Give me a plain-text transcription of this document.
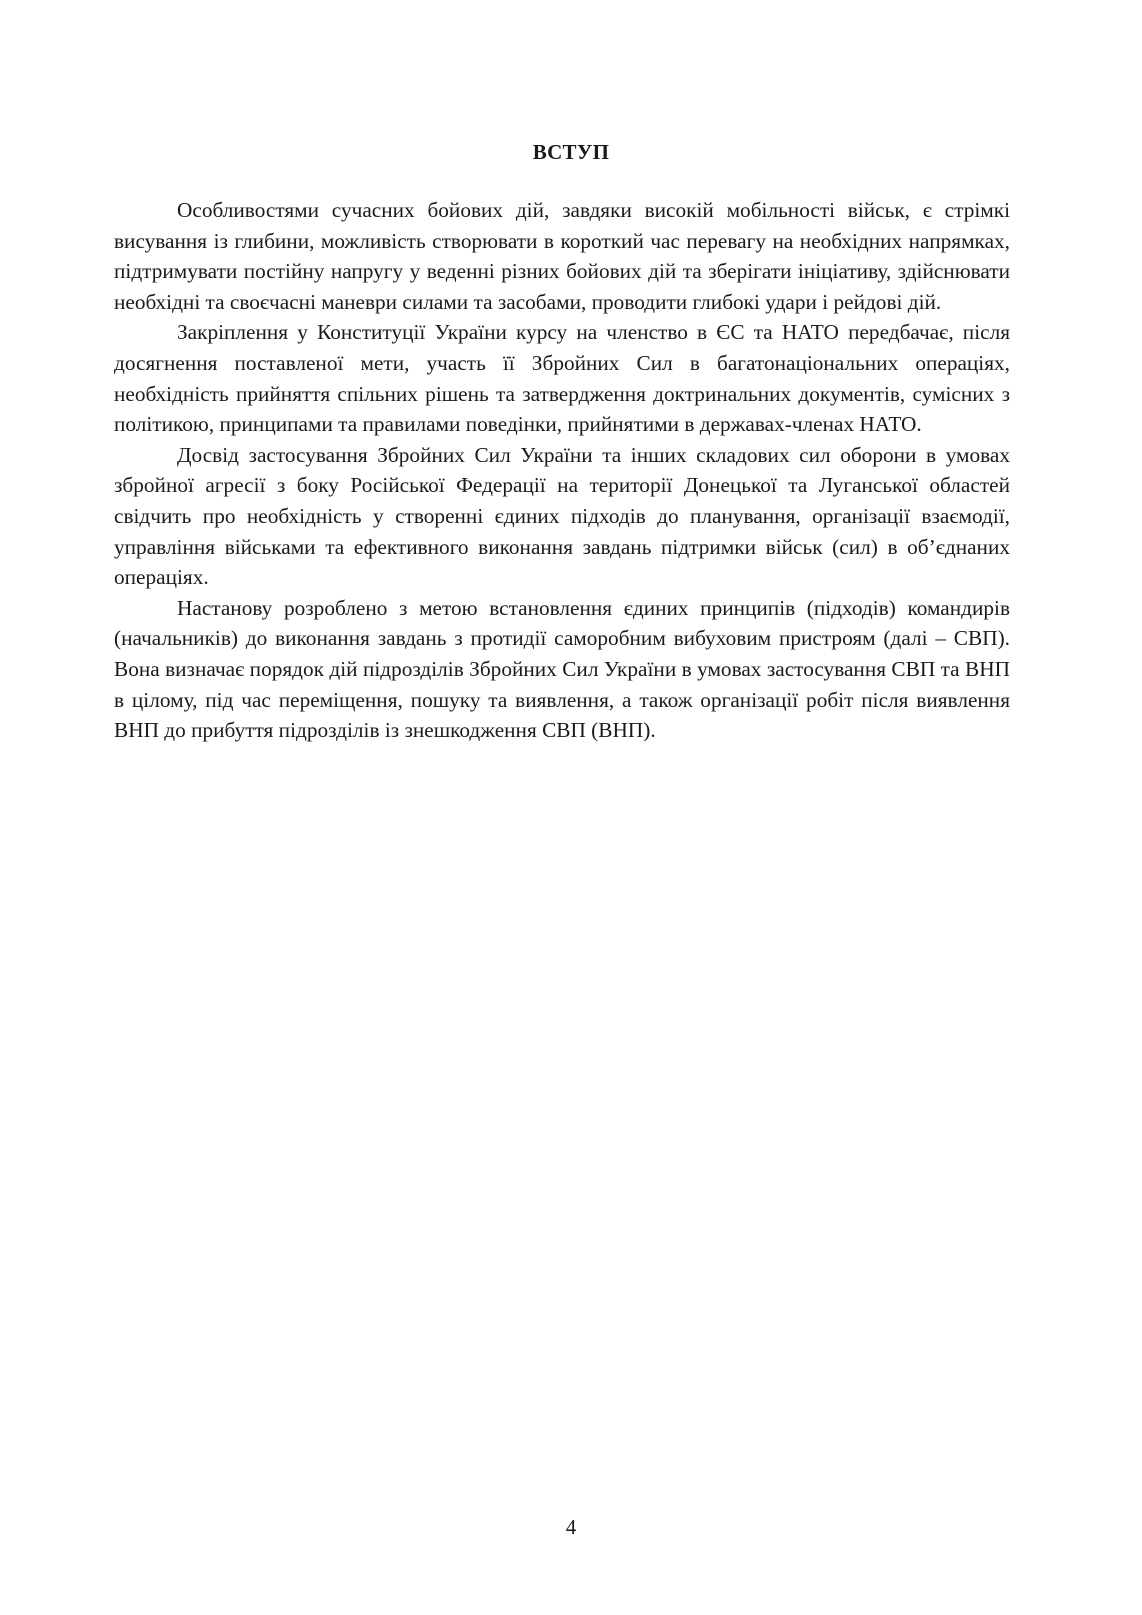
ВСТУП

Особливостями сучасних бойових дій, завдяки високій мобільності військ, є стрімкі висування із глибини, можливість створювати в короткий час перевагу на необхідних напрямках, підтримувати постійну напругу у веденні різних бойових дій та зберігати ініціативу, здійснювати необхідні та своєчасні маневри силами та засобами, проводити глибокі удари і рейдові дій.

Закріплення у Конституції України курсу на членство в ЄС та НАТО передбачає, після досягнення поставленої мети, участь її Збройних Сил в багатонаціональних операціях, необхідність прийняття спільних рішень та затвердження доктринальних документів, сумісних з політикою, принципами та правилами поведінки, прийнятими в державах-членах НАТО.

Досвід застосування Збройних Сил України та інших складових сил оборони в умовах збройної агресії з боку Російської Федерації на території Донецької та Луганської областей свідчить про необхідність у створенні єдиних підходів до планування, організації взаємодії, управління військами та ефективного виконання завдань підтримки військ (сил) в об’єднаних операціях.

Настанову розроблено з метою встановлення єдиних принципів (підходів) командирів (начальників) до виконання завдань з протидії саморобним вибуховим пристроям (далі – СВП). Вона визначає порядок дій підрозділів Збройних Сил України в умовах застосування СВП та ВНП в цілому, під час переміщення, пошуку та виявлення, а також організації робіт після виявлення ВНП до прибуття підрозділів із знешкодження СВП (ВНП).

4
